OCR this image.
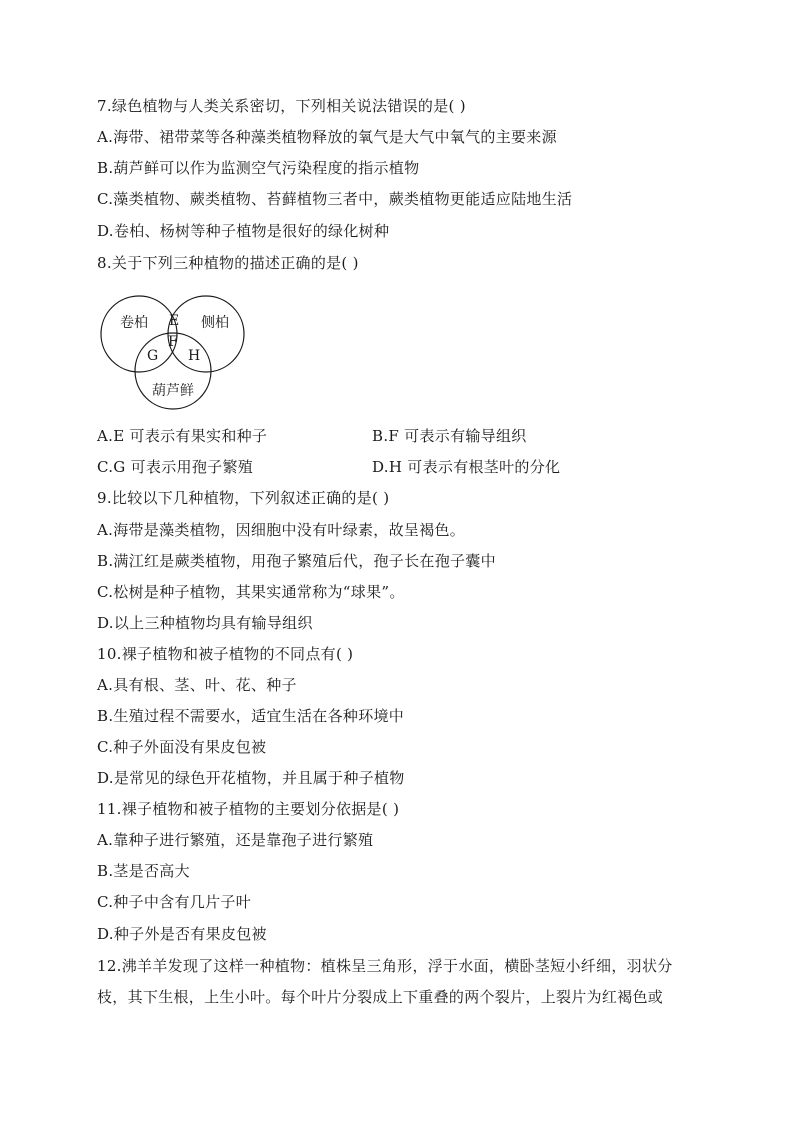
7.绿色植物与人类关系密切，下列相关说法错误的是( )
A.海带、裙带菜等各种藻类植物释放的氧气是大气中氧气的主要来源
B.葫芦鲜可以作为监测空气污染程度的指示植物
C.藻类植物、蕨类植物、苔藓植物三者中，蕨类植物更能适应陆地生活
D.卷柏、杨树等种子植物是很好的绿化树种
8.关于下列三种植物的描述正确的是( )
卷柏	侧柏
葫芦鲜
E
F
G H
A.E 可表示有果实和种子	B.F 可表示有输导组织
C.G 可表示用孢子繁殖	D.H 可表示有根茎叶的分化
9.比较以下几种植物，下列叙述正确的是( )
A.海带是藻类植物，因细胞中没有叶绿素，故呈褐色。
B.满江红是蕨类植物，用孢子繁殖后代，孢子长在孢子囊中
C.松树是种子植物，其果实通常称为“球果”。
D.以上三种植物均具有输导组织
10.裸子植物和被子植物的不同点有( )
A.具有根、茎、叶、花、种子
B.生殖过程不需要水，适宜生活在各种环境中
C.种子外面没有果皮包被
D.是常见的绿色开花植物，并且属于种子植物
11.裸子植物和被子植物的主要划分依据是( )
A.靠种子进行繁殖，还是靠孢子进行繁殖
B.茎是否高大
C.种子中含有几片子叶
D.种子外是否有果皮包被
12.沸羊羊发现了这样一种植物：植株呈三角形，浮于水面，横卧茎短小纤细，羽状分
枝，其下生根，上生小叶。每个叶片分裂成上下重叠的两个裂片，上裂片为红褐色或
